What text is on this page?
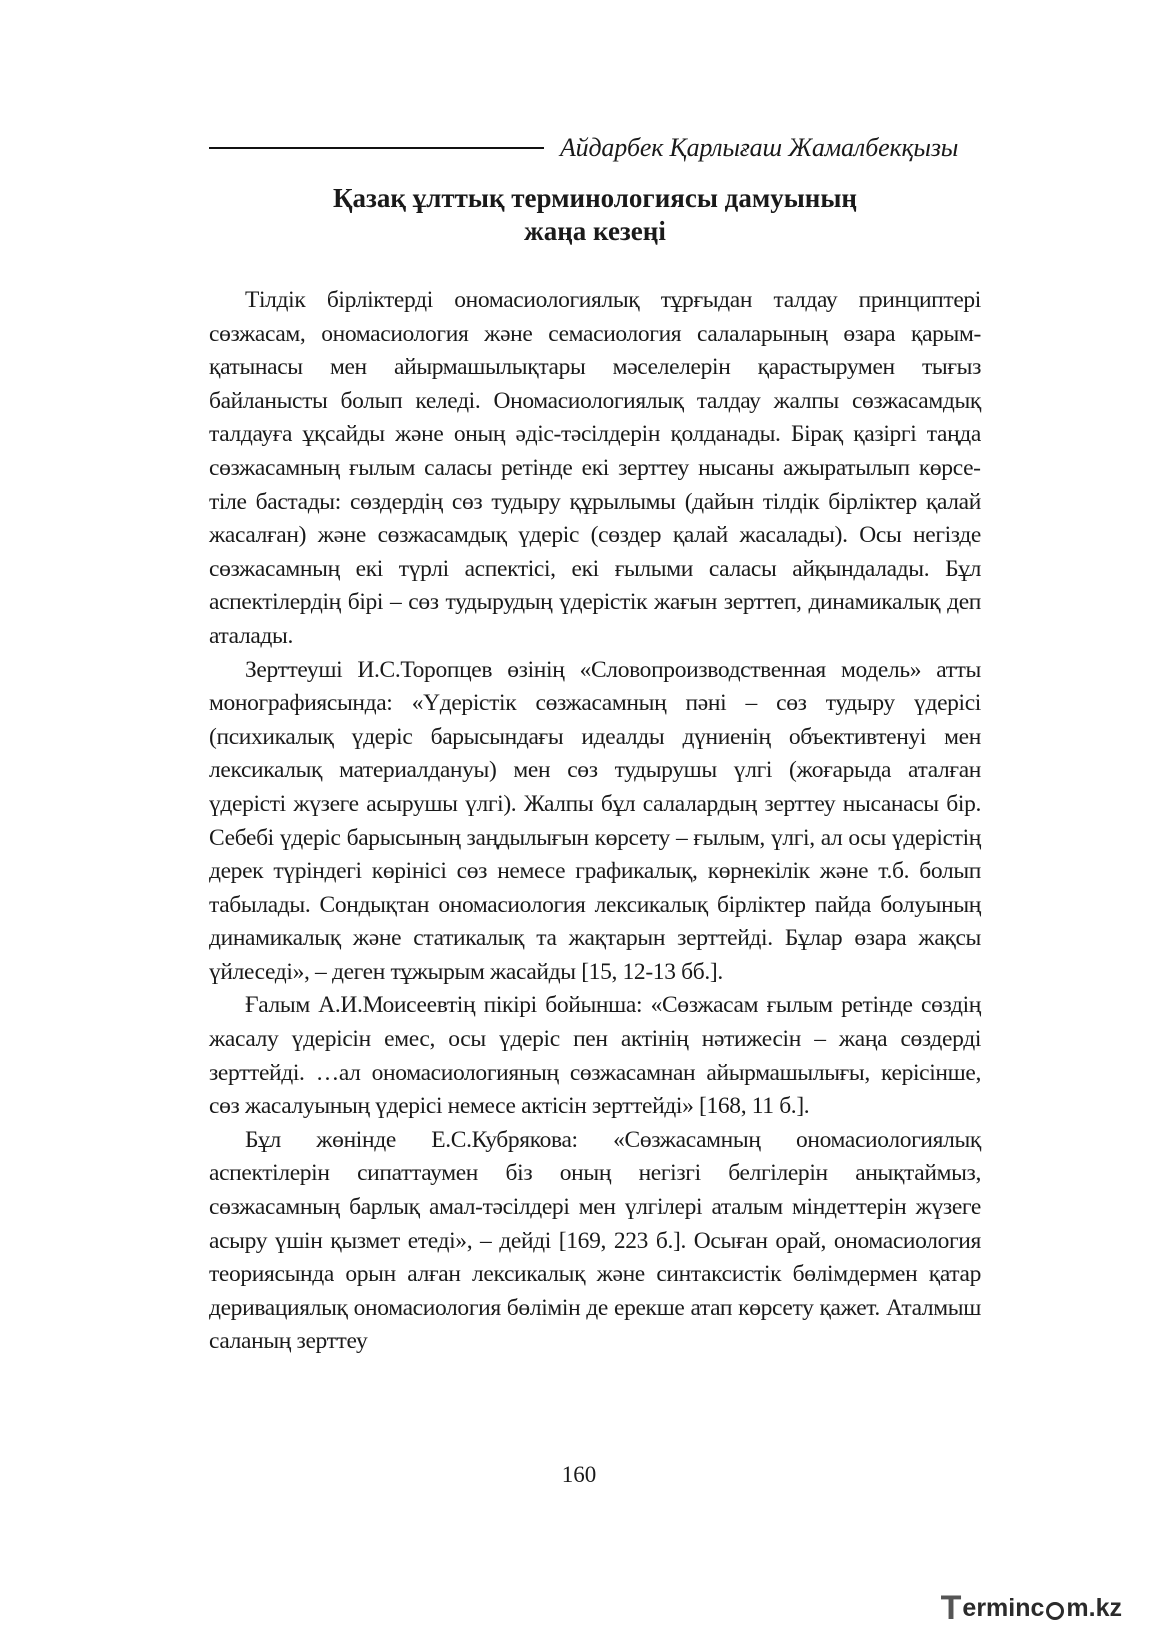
Айдарбек Қарлығаш Жамалбекқызы
Қазақ ұлттық терминологиясы дамуының
жаңа кезеңі

Тілдік бірліктерді ономасиологиялық тұрғыдан талдау принциптері сөзжасам, ономасиология және семасиология салаларының өзара қарым-қатынасы мен айырмашылықтары мәселелерін қарастырумен тығыз байланысты болып келеді. Ономасиологиялық талдау жалпы сөзжасамдық талдауға ұқсайды және оның әдіс-тәсілдерін қолданады. Бірақ қазіргі таңда сөзжасамның ғылым саласы ретінде екі зерттеу нысаны ажыратылып көрсетіле бастады: сөздердің сөз тудыру құрылымы (дайын тілдік бірліктер қалай жасалған) және сөзжасамдық үдеріс (сөздер қалай жасалады). Осы негізде сөзжасамның екі түрлі аспектісі, екі ғылыми саласы айқындалады. Бұл аспектілердің бірі – сөз тудырудың үдерістік жағын зерттеп, динамикалық деп аталады.

Зерттеуші И.С.Торопцев өзінің «Словопроизводственная модель» атты монографиясында: «Үдерістік сөзжасамның пәні – сөз тудыру үдерісі (психикалық үдеріс барысындағы идеалды дүниенің объективтенуі мен лексикалық материалдануы) мен сөз тудырушы үлгі (жоғарыда аталған үдерісті жүзеге асырушы үлгі). Жалпы бұл салалардың зерттеу нысанасы бір. Себебі үдеріс барысының заңдылығын көрсету – ғылым, үлгі, ал осы үдерістің дерек түріндегі көрінісі сөз немесе графикалық, көрнекілік және т.б. болып табылады. Сондықтан ономасиология лексикалық бірліктер пайда болуының динамикалық және статикалық та жақтарын зерттейді. Бұлар өзара жақсы үйлеседі», – деген тұжырым жасайды [15, 12-13 бб.].

Ғалым А.И.Моисеевтің пікірі бойынша: «Сөзжасам ғылым ретінде сөздің жасалу үдерісін емес, осы үдеріс пен актінің нәтижесін – жаңа сөздерді зерттейді. …ал ономасиологияның сөзжасамнан айырмашылығы, керісінше, сөз жасалуының үдерісі немесе актісін зерттейді» [168, 11 б.].

Бұл жөнінде Е.С.Кубрякова: «Сөзжасамның ономасиологиялық аспектілерін сипаттаумен біз оның негізгі белгілерін анықтаймыз, сөзжасамның барлық амал-тәсілдері мен үлгілері аталым міндеттерін жүзеге асыру үшін қызмет етеді», – дейді [169, 223 б.]. Осыған орай, ономасиология теориясында орын алған лексикалық және синтаксистік бөлімдермен қатар деривациялық ономасиология бөлімін де ерекше атап көрсету қажет. Аталмыш саланың зерттеу

160
T erminc m.kz
